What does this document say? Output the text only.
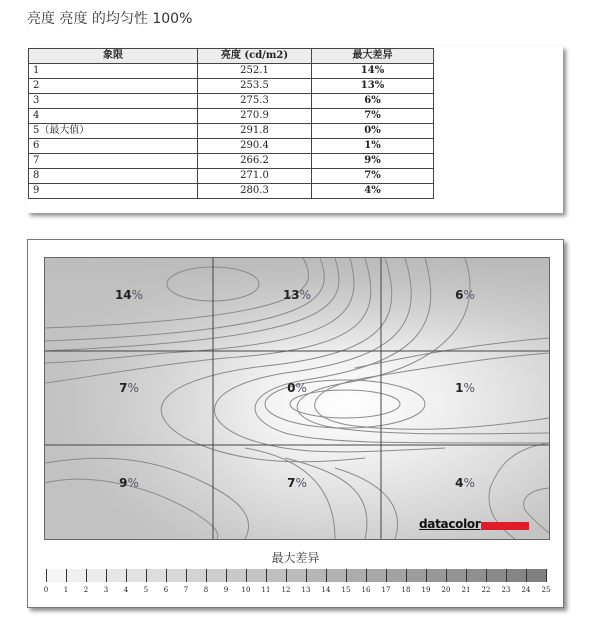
亮度 亮度 的均匀性 100%
象限	亮度 (cd/m2)	最大差异
1	252.1	14%
2	253.5	13%
3	275.3	6%
4	270.9	7%
5（最大值）	291.8	0%
6	290.4	1%
7	266.2	9%
8	271.0	7%
9	280.3	4%
14%	13%	6%
7%	0%	1%
9%	7%	4%
datacolor
最大差异
0 1 2 3 4 5 6 7 8 9 10 11 12 13 14 15 16 17 18 19 20 21 22 23 24 25
